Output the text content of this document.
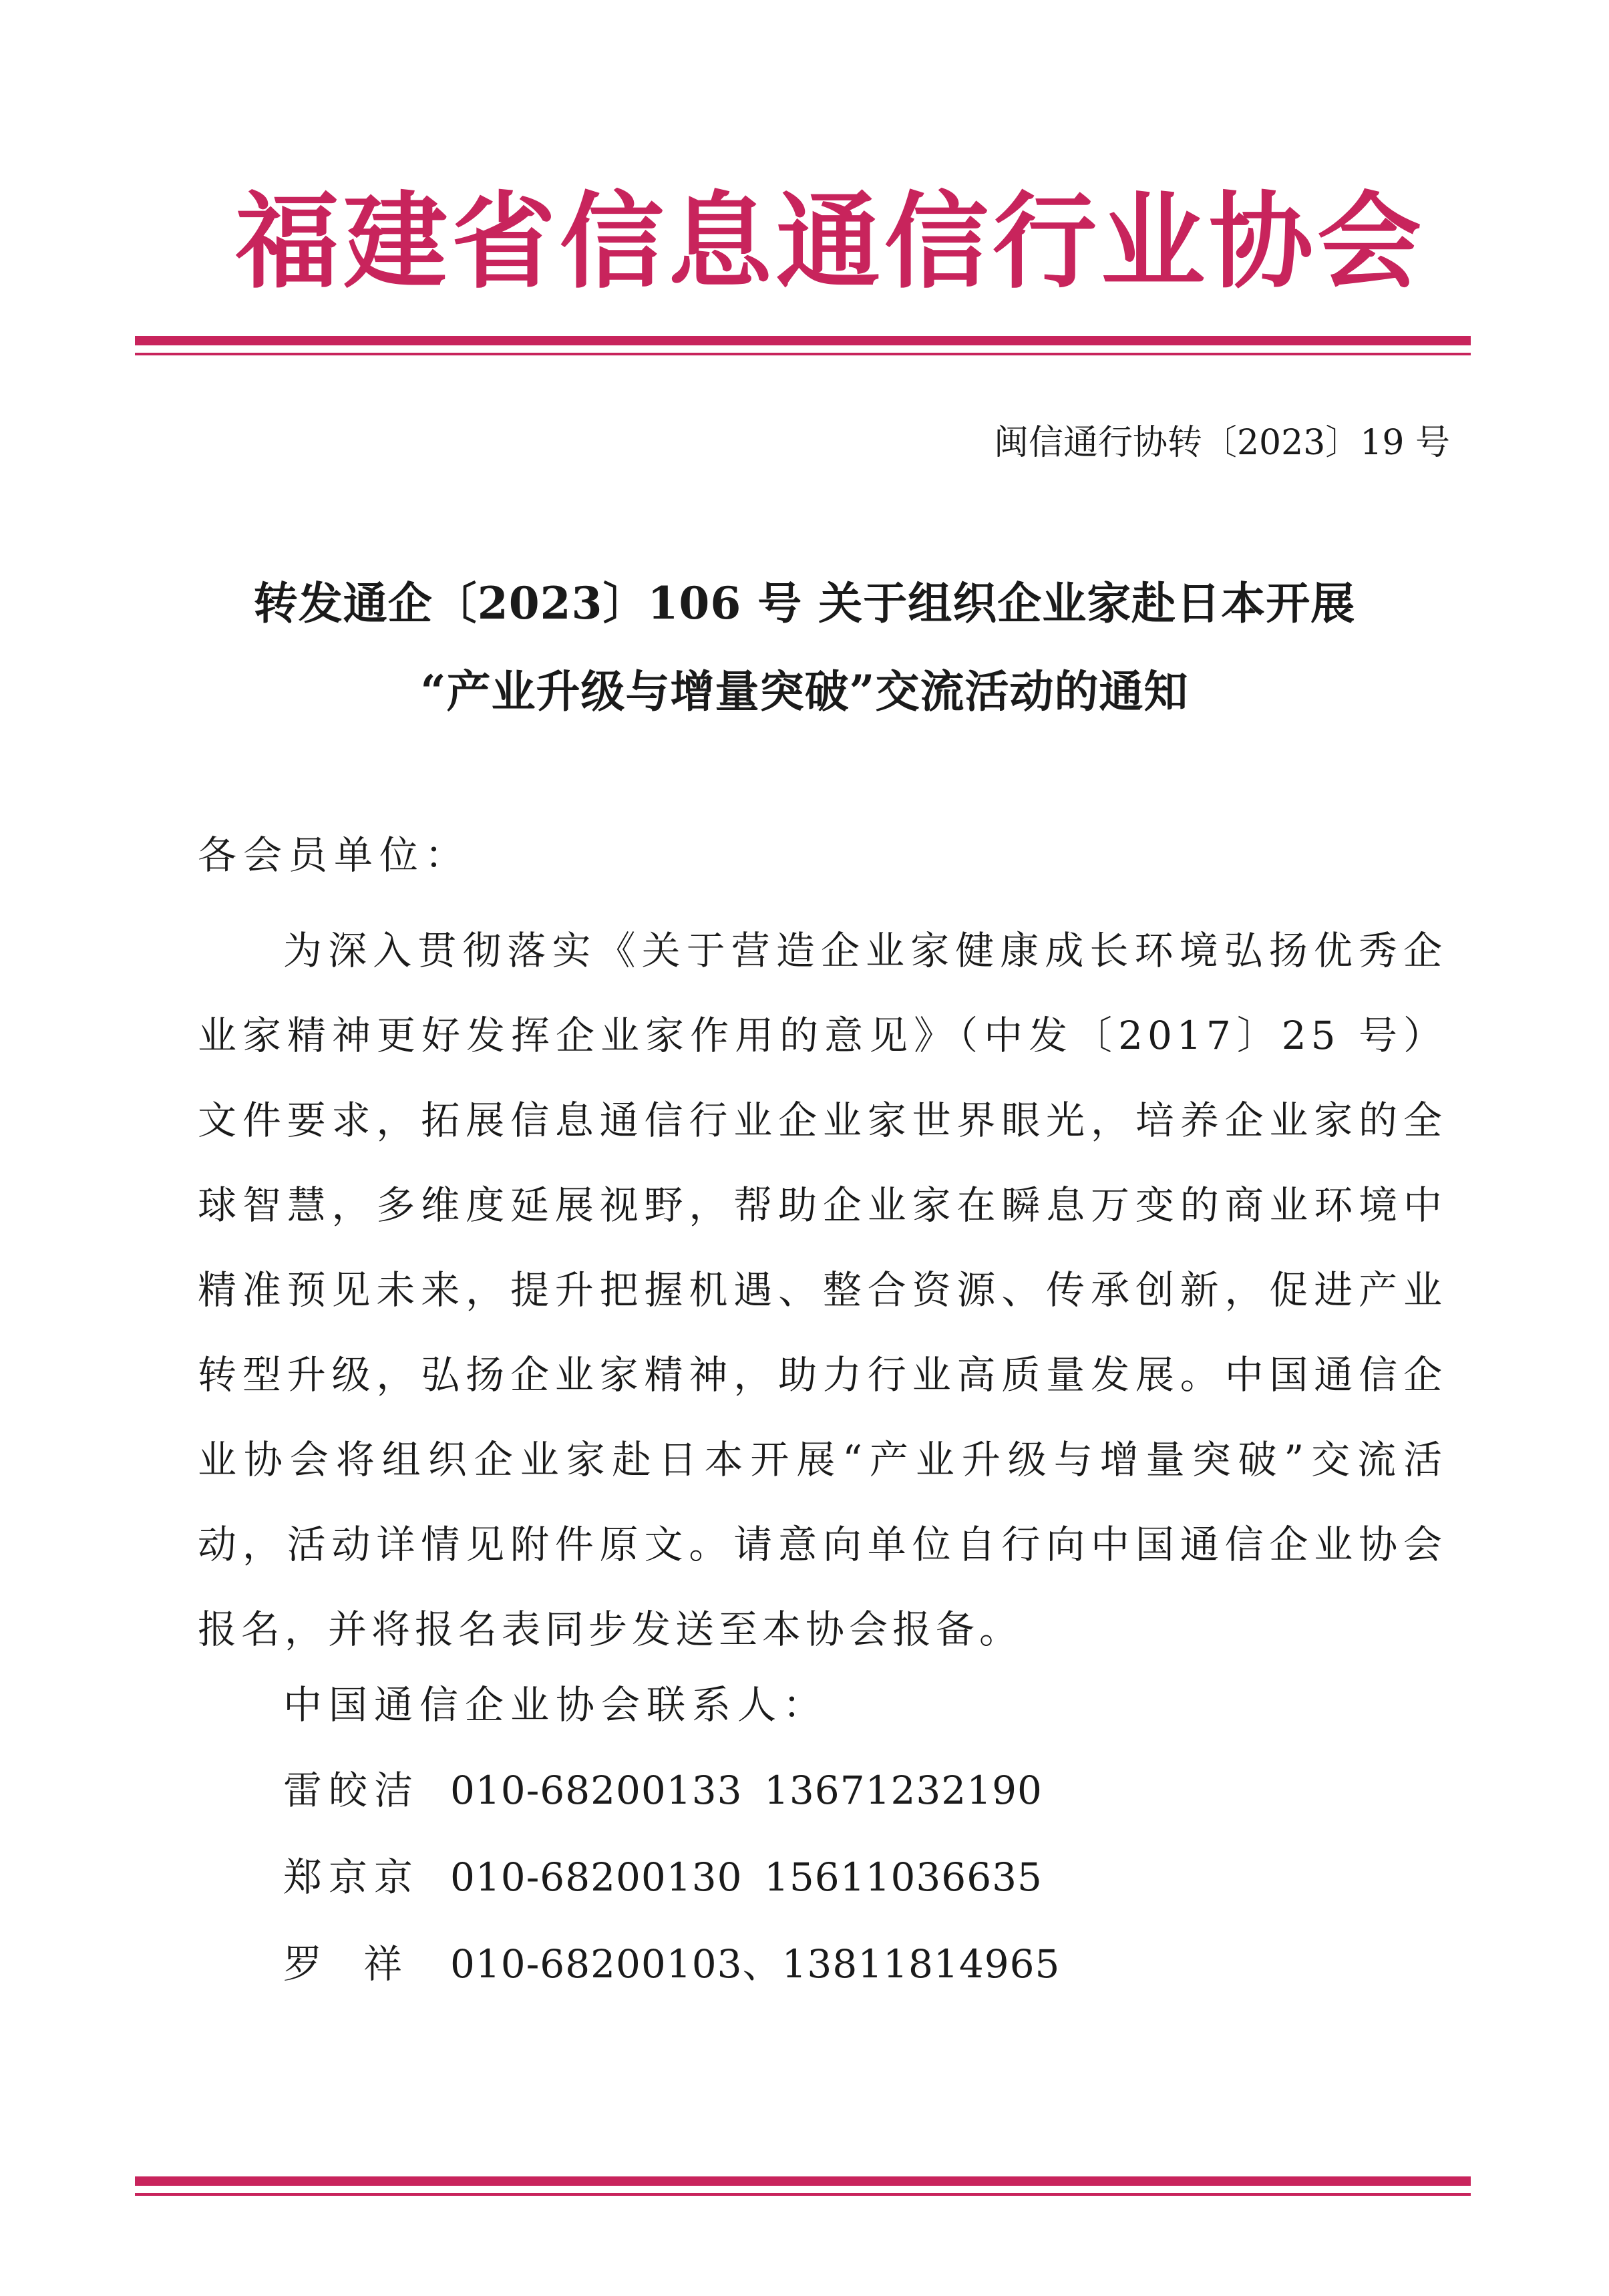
福建省信息通信行业协会
闽信通行协转〔2023〕19 号
转发通企〔2023〕106 号 关于组织企业家赴日本开展
“产业升级与增量突破”交流活动的通知
各会员单位：
为深入贯彻落实《关于营造企业家健康成长环境弘扬优秀企业家精神更好发挥企业家作用的意见》（中发〔2017〕25 号）文件要求，拓展信息通信行业企业家世界眼光，培养企业家的全球智慧，多维度延展视野，帮助企业家在瞬息万变的商业环境中精准预见未来，提升把握机遇、整合资源、传承创新，促进产业转型升级，弘扬企业家精神，助力行业高质量发展。中国通信企业协会将组织企业家赴日本开展“产业升级与增量突破”交流活动，活动详情见附件原文。请意向单位自行向中国通信企业协会报名，并将报名表同步发送至本协会报备。
中国通信企业协会联系人：
雷皎洁 010-68200133 13671232190
郑京京 010-68200130 15611036635
罗祥 010-68200103、13811814965
